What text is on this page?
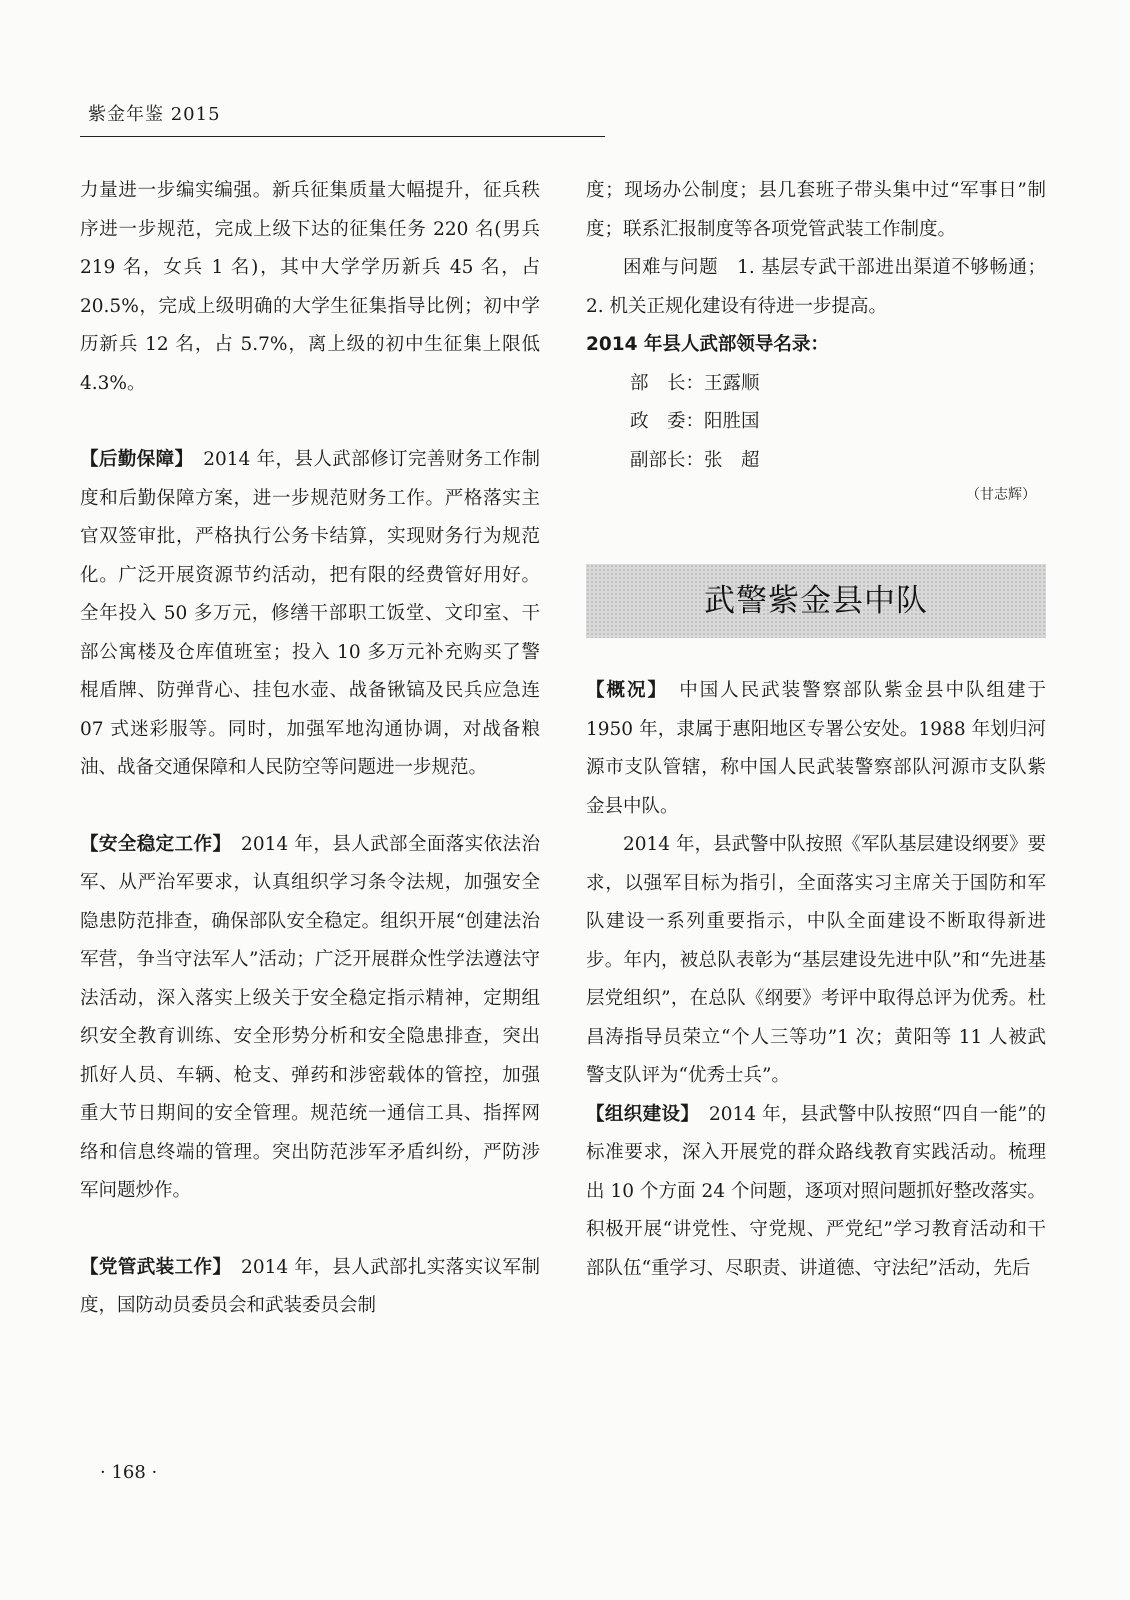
紫金年鉴 2015

力量进一步编实编强。新兵征集质量大幅提升，征兵秩序进一步规范，完成上级下达的征集任务 220 名(男兵 219 名，女兵 1 名)，其中大学学历新兵 45 名，占 20.5%，完成上级明确的大学生征集指导比例；初中学历新兵 12 名，占 5.7%，离上级的初中生征集上限低 4.3%。

【后勤保障】　 2014 年，县人武部修订完善财务工作制度和后勤保障方案，进一步规范财务工作。严格落实主官双签审批，严格执行公务卡结算，实现财务行为规范化。广泛开展资源节约活动，把有限的经费管好用好。全年投入 50 多万元，修缮干部职工饭堂、文印室、干部公寓楼及仓库值班室；投入 10 多万元补充购买了警棍盾牌、防弹背心、挂包水壶、战备锹镐及民兵应急连 07 式迷彩服等。同时，加强军地沟通协调，对战备粮油、战备交通保障和人民防空等问题进一步规范。

【安全稳定工作】　 2014 年，县人武部全面落实依法治军、从严治军要求，认真组织学习条令法规，加强安全隐患防范排查，确保部队安全稳定。组织开展“创建法治军营，争当守法军人”活动；广泛开展群众性学法遵法守法活动，深入落实上级关于安全稳定指示精神，定期组织安全教育训练、安全形势分析和安全隐患排查，突出抓好人员、车辆、枪支、弹药和涉密载体的管控，加强重大节日期间的安全管理。规范统一通信工具、指挥网络和信息终端的管理。突出防范涉军矛盾纠纷，严防涉军问题炒作。

【党管武装工作】　 2014 年，县人武部扎实落实议军制度，国防动员委员会和武装委员会制

度；现场办公制度；县几套班子带头集中过“军事日”制度；联系汇报制度等各项党管武装工作制度。

困难与问题　 1. 基层专武干部进出渠道不够畅通；2. 机关正规化建设有待进一步提高。

2014 年县人武部领导名录：

部　长：王露顺

政　委：阳胜国

副部长：张　超

（甘志辉）

武警紫金县中队

【概况】　 中国人民武装警察部队紫金县中队组建于 1950 年，隶属于惠阳地区专署公安处。1988 年划归河源市支队管辖，称中国人民武装警察部队河源市支队紫金县中队。

2014 年，县武警中队按照《军队基层建设纲要》要求，以强军目标为指引，全面落实习主席关于国防和军队建设一系列重要指示，中队全面建设不断取得新进步。年内，被总队表彰为“基层建设先进中队”和“先进基层党组织”，在总队《纲要》考评中取得总评为优秀。杜昌涛指导员荣立“个人三等功”1 次；黄阳等 11 人被武警支队评为“优秀士兵”。

【组织建设】　 2014 年，县武警中队按照“四自一能”的标准要求，深入开展党的群众路线教育实践活动。梳理出 10 个方面 24 个问题，逐项对照问题抓好整改落实。积极开展“讲党性、守党规、严党纪”学习教育活动和干部队伍“重学习、尽职责、讲道德、守法纪”活动，先后

· 168 ·
